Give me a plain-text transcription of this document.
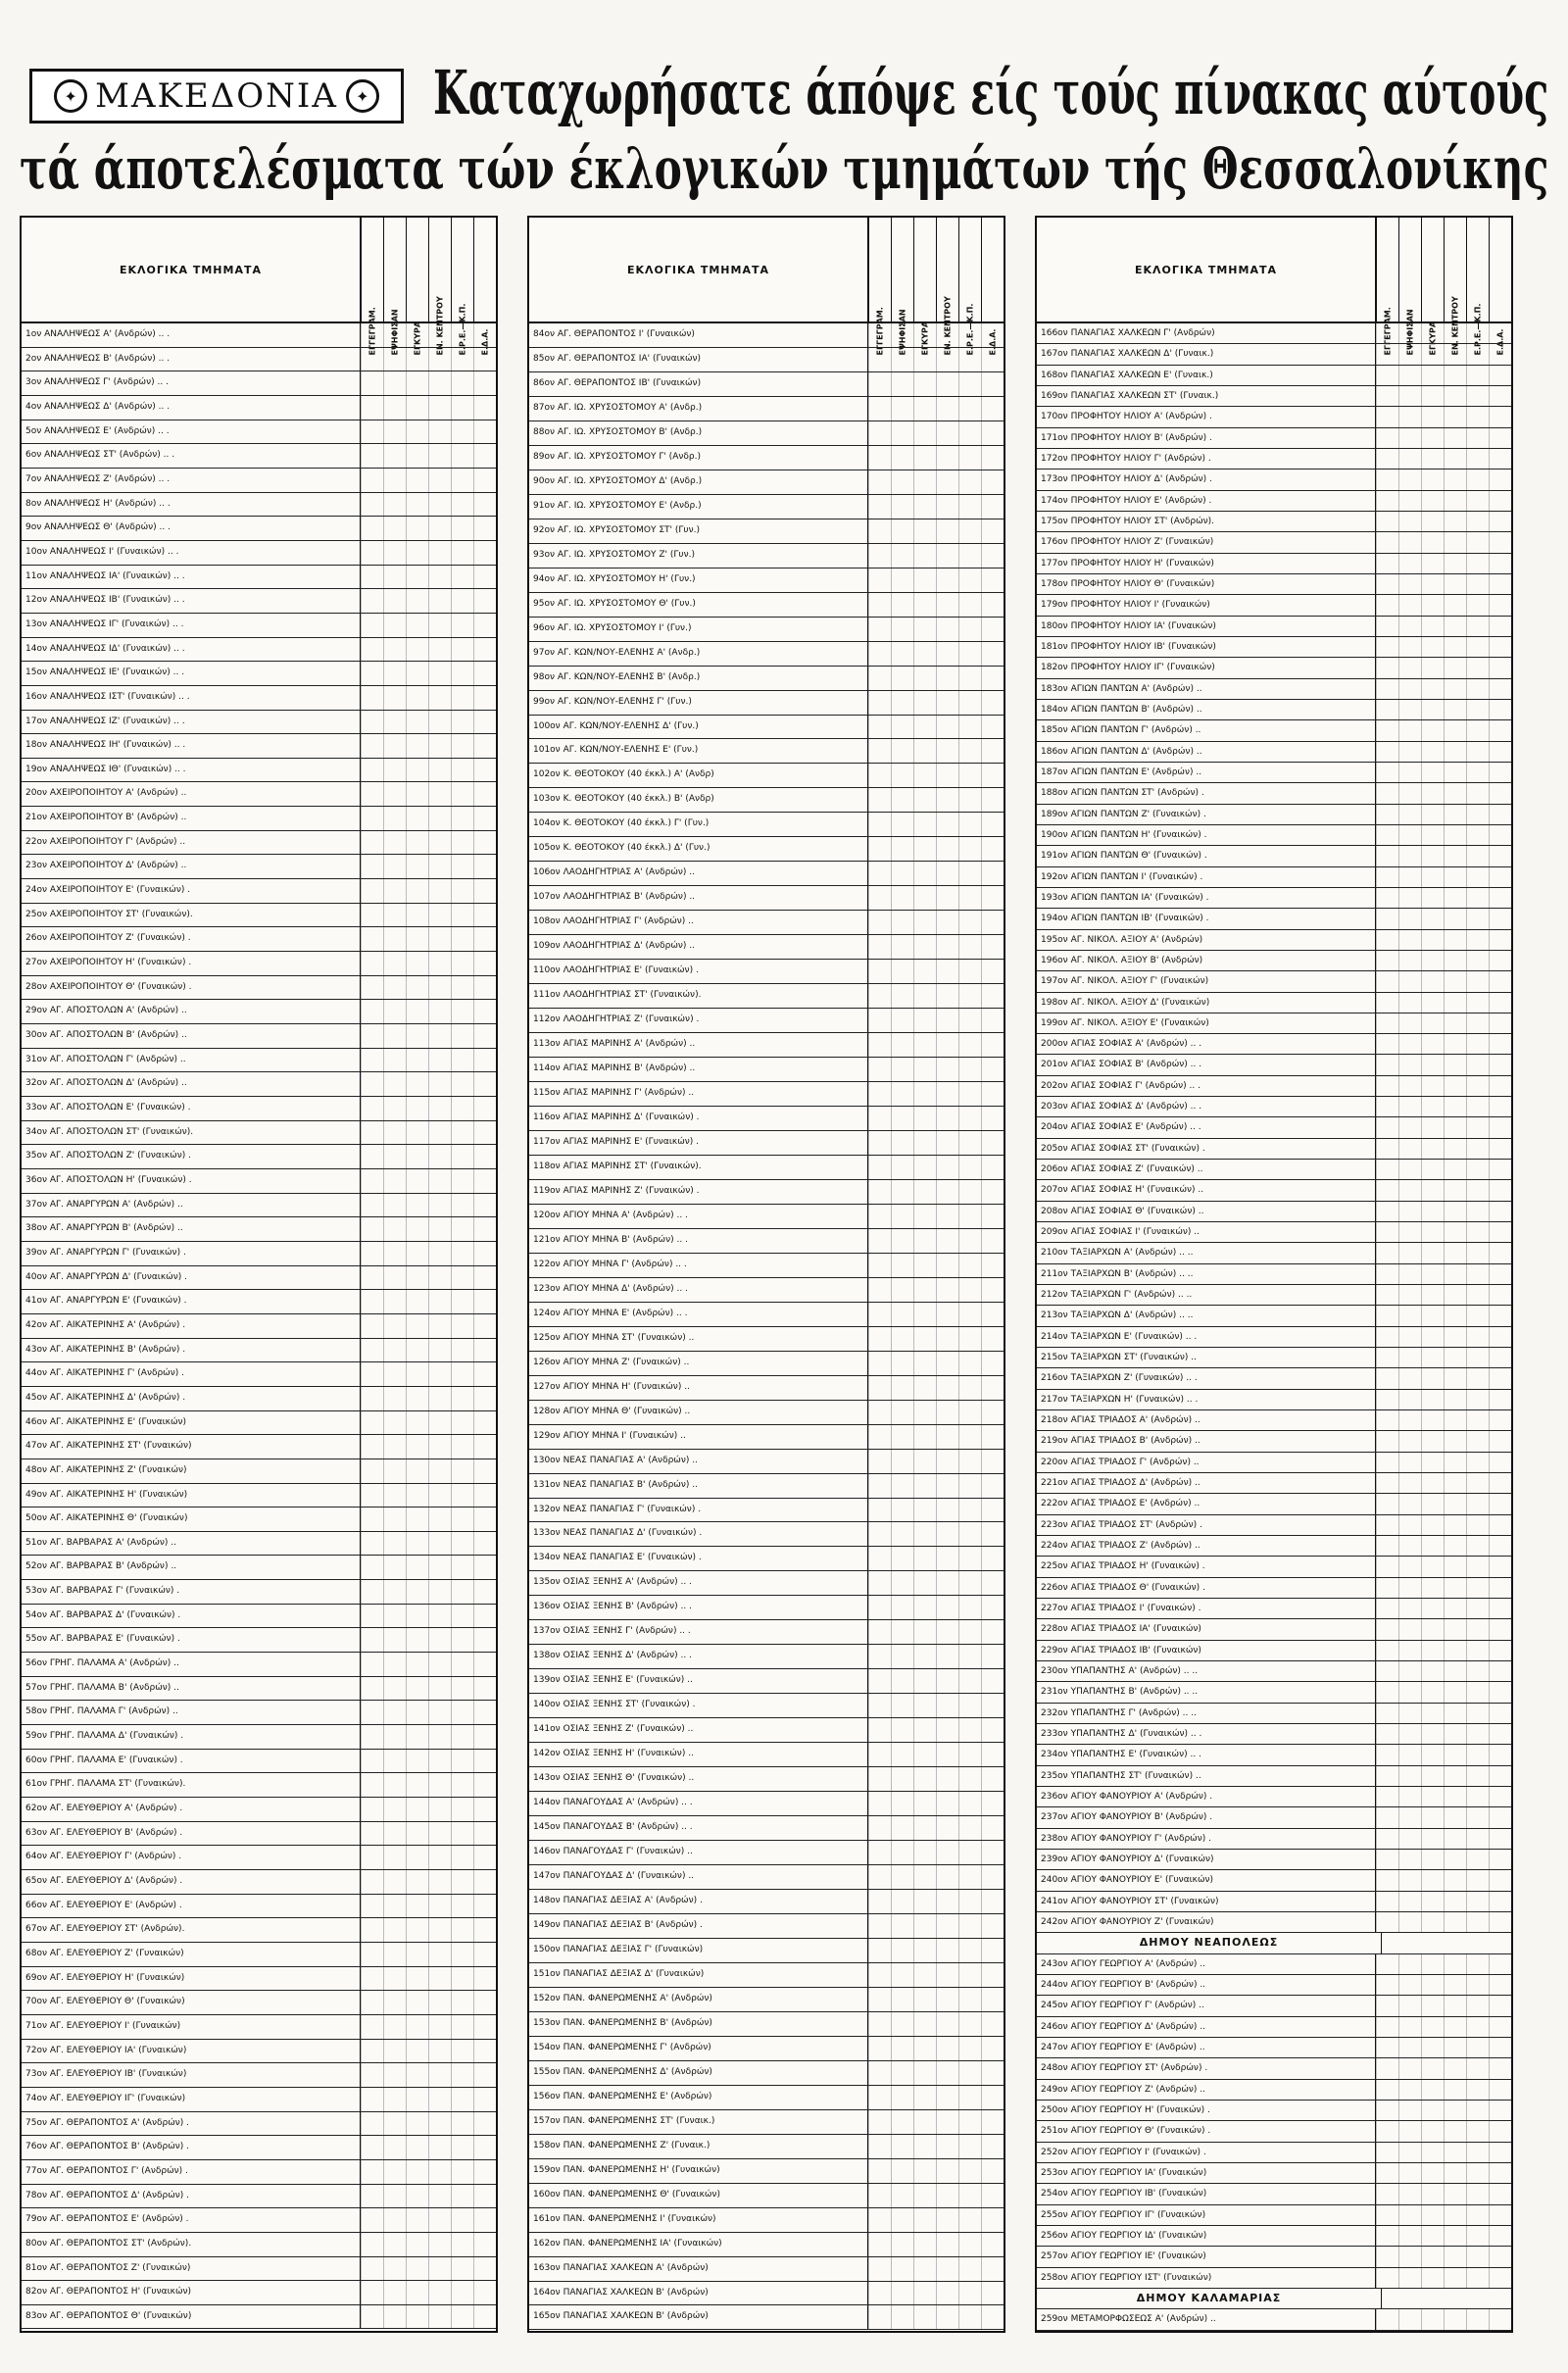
✦ ΜΑΚΕΔΟΝΙΑ	✦ Καταχωρήσατε άπόψε είς τούς πίνακας αύτούς
τά άποτελέσματα τών έκλογικών τμημάτων τής Θεσσαλονίκης
ΕΚΛΟΓΙΚΑ ΤΜΗΜΑΤΑ
ΕΓΓΕΓΡΑΜ. ΕΨΗΦΙΣΑΝ ΕΓΚΥΡΑ ΕΝ. ΚΕΝΤΡΟΥ Ε.Ρ.Ε.—Κ.Π. Ε.Δ.Α.
1ον ΑΝΑΛΗΨΕΩΣ Α' (Ανδρών) .. .
2ον ΑΝΑΛΗΨΕΩΣ Β' (Ανδρών) .. .
3ον ΑΝΑΛΗΨΕΩΣ Γ' (Ανδρών) .. .
4ον ΑΝΑΛΗΨΕΩΣ Δ' (Ανδρών) .. .
5ον ΑΝΑΛΗΨΕΩΣ Ε' (Ανδρών) .. .
6ον ΑΝΑΛΗΨΕΩΣ ΣΤ' (Ανδρών) .. .
7ον ΑΝΑΛΗΨΕΩΣ Ζ' (Ανδρών) .. .
8ον ΑΝΑΛΗΨΕΩΣ Η' (Ανδρών) .. .
9ον ΑΝΑΛΗΨΕΩΣ Θ' (Ανδρών) .. .
10ον ΑΝΑΛΗΨΕΩΣ Ι' (Γυναικών) .. .
11ον ΑΝΑΛΗΨΕΩΣ ΙΑ' (Γυναικών) .. .
12ον ΑΝΑΛΗΨΕΩΣ ΙΒ' (Γυναικών) .. .
13ον ΑΝΑΛΗΨΕΩΣ ΙΓ' (Γυναικών) .. .
14ον ΑΝΑΛΗΨΕΩΣ ΙΔ' (Γυναικών) .. .
15ον ΑΝΑΛΗΨΕΩΣ ΙΕ' (Γυναικών) .. .
16ον ΑΝΑΛΗΨΕΩΣ ΙΣΤ' (Γυναικών) .. .
17ον ΑΝΑΛΗΨΕΩΣ ΙΖ' (Γυναικών) .. .
18ον ΑΝΑΛΗΨΕΩΣ ΙΗ' (Γυναικών) .. .
19ον ΑΝΑΛΗΨΕΩΣ ΙΘ' (Γυναικών) .. .
20ον ΑΧΕΙΡΟΠΟΙΗΤΟΥ Α' (Ανδρών) ..
21ον ΑΧΕΙΡΟΠΟΙΗΤΟΥ Β' (Ανδρών) ..
22ον ΑΧΕΙΡΟΠΟΙΗΤΟΥ Γ' (Ανδρών) ..
23ον ΑΧΕΙΡΟΠΟΙΗΤΟΥ Δ' (Ανδρών) ..
24ον ΑΧΕΙΡΟΠΟΙΗΤΟΥ Ε' (Γυναικών) .
25ον ΑΧΕΙΡΟΠΟΙΗΤΟΥ ΣΤ' (Γυναικών).
26ον ΑΧΕΙΡΟΠΟΙΗΤΟΥ Ζ' (Γυναικών) .
27ον ΑΧΕΙΡΟΠΟΙΗΤΟΥ Η' (Γυναικών) .
28ον ΑΧΕΙΡΟΠΟΙΗΤΟΥ Θ' (Γυναικών) .
29ον ΑΓ. ΑΠΟΣΤΟΛΩΝ Α' (Ανδρών) ..
30ον ΑΓ. ΑΠΟΣΤΟΛΩΝ Β' (Ανδρών) ..
31ον ΑΓ. ΑΠΟΣΤΟΛΩΝ Γ' (Ανδρών) ..
32ον ΑΓ. ΑΠΟΣΤΟΛΩΝ Δ' (Ανδρών) ..
33ον ΑΓ. ΑΠΟΣΤΟΛΩΝ Ε' (Γυναικών) .
34ον ΑΓ. ΑΠΟΣΤΟΛΩΝ ΣΤ' (Γυναικών).
35ον ΑΓ. ΑΠΟΣΤΟΛΩΝ Ζ' (Γυναικών) .
36ον ΑΓ. ΑΠΟΣΤΟΛΩΝ Η' (Γυναικών) .
37ον ΑΓ. ΑΝΑΡΓΥΡΩΝ Α' (Ανδρών) ..
38ον ΑΓ. ΑΝΑΡΓΥΡΩΝ Β' (Ανδρών) ..
39ον ΑΓ. ΑΝΑΡΓΥΡΩΝ Γ' (Γυναικών) .
40ον ΑΓ. ΑΝΑΡΓΥΡΩΝ Δ' (Γυναικών) .
41ον ΑΓ. ΑΝΑΡΓΥΡΩΝ Ε' (Γυναικών) .
42ον ΑΓ. ΑΙΚΑΤΕΡΙΝΗΣ Α' (Ανδρών) .
43ον ΑΓ. ΑΙΚΑΤΕΡΙΝΗΣ Β' (Ανδρών) .
44ον ΑΓ. ΑΙΚΑΤΕΡΙΝΗΣ Γ' (Ανδρών) .
45ον ΑΓ. ΑΙΚΑΤΕΡΙΝΗΣ Δ' (Ανδρών) .
46ον ΑΓ. ΑΙΚΑΤΕΡΙΝΗΣ Ε' (Γυναικών)
47ον ΑΓ. ΑΙΚΑΤΕΡΙΝΗΣ ΣΤ' (Γυναικών)
48ον ΑΓ. ΑΙΚΑΤΕΡΙΝΗΣ Ζ' (Γυναικών)
49ον ΑΓ. ΑΙΚΑΤΕΡΙΝΗΣ Η' (Γυναικών)
50ον ΑΓ. ΑΙΚΑΤΕΡΙΝΗΣ Θ' (Γυναικών)
51ον ΑΓ. ΒΑΡΒΑΡΑΣ Α' (Ανδρών) ..
52ον ΑΓ. ΒΑΡΒΑΡΑΣ Β' (Ανδρών) ..
53ον ΑΓ. ΒΑΡΒΑΡΑΣ Γ' (Γυναικών) .
54ον ΑΓ. ΒΑΡΒΑΡΑΣ Δ' (Γυναικών) .
55ον ΑΓ. ΒΑΡΒΑΡΑΣ Ε' (Γυναικών) .
56ον ΓΡΗΓ. ΠΑΛΑΜΑ Α' (Ανδρών) ..
57ον ΓΡΗΓ. ΠΑΛΑΜΑ Β' (Ανδρών) ..
58ον ΓΡΗΓ. ΠΑΛΑΜΑ Γ' (Ανδρών) ..
59ον ΓΡΗΓ. ΠΑΛΑΜΑ Δ' (Γυναικών) .
60ον ΓΡΗΓ. ΠΑΛΑΜΑ Ε' (Γυναικών) .
61ον ΓΡΗΓ. ΠΑΛΑΜΑ ΣΤ' (Γυναικών).
62ον ΑΓ. ΕΛΕΥΘΕΡΙΟΥ Α' (Ανδρών) .
63ον ΑΓ. ΕΛΕΥΘΕΡΙΟΥ Β' (Ανδρών) .
64ον ΑΓ. ΕΛΕΥΘΕΡΙΟΥ Γ' (Ανδρών) .
65ον ΑΓ. ΕΛΕΥΘΕΡΙΟΥ Δ' (Ανδρών) .
66ον ΑΓ. ΕΛΕΥΘΕΡΙΟΥ Ε' (Ανδρών) .
67ον ΑΓ. ΕΛΕΥΘΕΡΙΟΥ ΣΤ' (Ανδρών).
68ον ΑΓ. ΕΛΕΥΘΕΡΙΟΥ Ζ' (Γυναικών)
69ον ΑΓ. ΕΛΕΥΘΕΡΙΟΥ Η' (Γυναικών)
70ον ΑΓ. ΕΛΕΥΘΕΡΙΟΥ Θ' (Γυναικών)
71ον ΑΓ. ΕΛΕΥΘΕΡΙΟΥ Ι' (Γυναικών)
72ον ΑΓ. ΕΛΕΥΘΕΡΙΟΥ ΙΑ' (Γυναικών)
73ον ΑΓ. ΕΛΕΥΘΕΡΙΟΥ ΙΒ' (Γυναικών)
74ον ΑΓ. ΕΛΕΥΘΕΡΙΟΥ ΙΓ' (Γυναικών)
75ον ΑΓ. ΘΕΡΑΠΟΝΤΟΣ Α' (Ανδρών) .
76ον ΑΓ. ΘΕΡΑΠΟΝΤΟΣ Β' (Ανδρών) .
77ον ΑΓ. ΘΕΡΑΠΟΝΤΟΣ Γ' (Ανδρών) .
78ον ΑΓ. ΘΕΡΑΠΟΝΤΟΣ Δ' (Ανδρών) .
79ον ΑΓ. ΘΕΡΑΠΟΝΤΟΣ Ε' (Ανδρών) .
80ον ΑΓ. ΘΕΡΑΠΟΝΤΟΣ ΣΤ' (Ανδρών).
81ον ΑΓ. ΘΕΡΑΠΟΝΤΟΣ Ζ' (Γυναικών)
82ον ΑΓ. ΘΕΡΑΠΟΝΤΟΣ Η' (Γυναικών)
83ον ΑΓ. ΘΕΡΑΠΟΝΤΟΣ Θ' (Γυναικών)
ΕΚΛΟΓΙΚΑ ΤΜΗΜΑΤΑ
ΕΓΓΕΓΡΑΜ. ΕΨΗΦΙΣΑΝ ΕΓΚΥΡΑ ΕΝ. ΚΕΝΤΡΟΥ Ε.Ρ.Ε.—Κ.Π. Ε.Δ.Α.
84ον ΑΓ. ΘΕΡΑΠΟΝΤΟΣ Ι' (Γυναικών)
85ον ΑΓ. ΘΕΡΑΠΟΝΤΟΣ ΙΑ' (Γυναικών)
86ον ΑΓ. ΘΕΡΑΠΟΝΤΟΣ ΙΒ' (Γυναικών)
87ον ΑΓ. ΙΩ. ΧΡΥΣΟΣΤΟΜΟΥ Α' (Ανδρ.)
88ον ΑΓ. ΙΩ. ΧΡΥΣΟΣΤΟΜΟΥ Β' (Ανδρ.)
89ον ΑΓ. ΙΩ. ΧΡΥΣΟΣΤΟΜΟΥ Γ' (Ανδρ.)
90ον ΑΓ. ΙΩ. ΧΡΥΣΟΣΤΟΜΟΥ Δ' (Ανδρ.)
91ον ΑΓ. ΙΩ. ΧΡΥΣΟΣΤΟΜΟΥ Ε' (Ανδρ.)
92ον ΑΓ. ΙΩ. ΧΡΥΣΟΣΤΟΜΟΥ ΣΤ' (Γυν.)
93ον ΑΓ. ΙΩ. ΧΡΥΣΟΣΤΟΜΟΥ Ζ' (Γυν.)
94ον ΑΓ. ΙΩ. ΧΡΥΣΟΣΤΟΜΟΥ Η' (Γυν.)
95ον ΑΓ. ΙΩ. ΧΡΥΣΟΣΤΟΜΟΥ Θ' (Γυν.)
96ον ΑΓ. ΙΩ. ΧΡΥΣΟΣΤΟΜΟΥ Ι' (Γυν.)
97ον ΑΓ. ΚΩΝ/ΝΟΥ-ΕΛΕΝΗΣ Α' (Ανδρ.)
98ον ΑΓ. ΚΩΝ/ΝΟΥ-ΕΛΕΝΗΣ Β' (Ανδρ.)
99ον ΑΓ. ΚΩΝ/ΝΟΥ-ΕΛΕΝΗΣ Γ' (Γυν.)
100ον ΑΓ. ΚΩΝ/ΝΟΥ-ΕΛΕΝΗΣ Δ' (Γυν.)
101ον ΑΓ. ΚΩΝ/ΝΟΥ-ΕΛΕΝΗΣ Ε' (Γυν.)
102ον Κ. ΘΕΟΤΟΚΟΥ (40 έκκλ.) Α' (Ανδρ)
103ον Κ. ΘΕΟΤΟΚΟΥ (40 έκκλ.) Β' (Ανδρ)
104ον Κ. ΘΕΟΤΟΚΟΥ (40 έκκλ.) Γ' (Γυν.)
105ον Κ. ΘΕΟΤΟΚΟΥ (40 έκκλ.) Δ' (Γυν.)
106ον ΛΑΟΔΗΓΗΤΡΙΑΣ Α' (Ανδρών) ..
107ον ΛΑΟΔΗΓΗΤΡΙΑΣ Β' (Ανδρών) ..
108ον ΛΑΟΔΗΓΗΤΡΙΑΣ Γ' (Ανδρών) ..
109ον ΛΑΟΔΗΓΗΤΡΙΑΣ Δ' (Ανδρών) ..
110ον ΛΑΟΔΗΓΗΤΡΙΑΣ Ε' (Γυναικών) .
111ον ΛΑΟΔΗΓΗΤΡΙΑΣ ΣΤ' (Γυναικών).
112ον ΛΑΟΔΗΓΗΤΡΙΑΣ Ζ' (Γυναικών) .
113ον ΑΓΙΑΣ ΜΑΡΙΝΗΣ Α' (Ανδρών) ..
114ον ΑΓΙΑΣ ΜΑΡΙΝΗΣ Β' (Ανδρών) ..
115ον ΑΓΙΑΣ ΜΑΡΙΝΗΣ Γ' (Ανδρών) ..
116ον ΑΓΙΑΣ ΜΑΡΙΝΗΣ Δ' (Γυναικών) .
117ον ΑΓΙΑΣ ΜΑΡΙΝΗΣ Ε' (Γυναικών) .
118ον ΑΓΙΑΣ ΜΑΡΙΝΗΣ ΣΤ' (Γυναικών).
119ον ΑΓΙΑΣ ΜΑΡΙΝΗΣ Ζ' (Γυναικών) .
120ον ΑΓΙΟΥ ΜΗΝΑ Α' (Ανδρών) .. .
121ον ΑΓΙΟΥ ΜΗΝΑ Β' (Ανδρών) .. .
122ον ΑΓΙΟΥ ΜΗΝΑ Γ' (Ανδρών) .. .
123ον ΑΓΙΟΥ ΜΗΝΑ Δ' (Ανδρών) .. .
124ον ΑΓΙΟΥ ΜΗΝΑ Ε' (Ανδρών) .. .
125ον ΑΓΙΟΥ ΜΗΝΑ ΣΤ' (Γυναικών) ..
126ον ΑΓΙΟΥ ΜΗΝΑ Ζ' (Γυναικών) ..
127ον ΑΓΙΟΥ ΜΗΝΑ Η' (Γυναικών) ..
128ον ΑΓΙΟΥ ΜΗΝΑ Θ' (Γυναικών) ..
129ον ΑΓΙΟΥ ΜΗΝΑ Ι' (Γυναικών) ..
130ον ΝΕΑΣ ΠΑΝΑΓΙΑΣ Α' (Ανδρών) ..
131ον ΝΕΑΣ ΠΑΝΑΓΙΑΣ Β' (Ανδρών) ..
132ον ΝΕΑΣ ΠΑΝΑΓΙΑΣ Γ' (Γυναικών) .
133ον ΝΕΑΣ ΠΑΝΑΓΙΑΣ Δ' (Γυναικών) .
134ον ΝΕΑΣ ΠΑΝΑΓΙΑΣ Ε' (Γυναικών) .
135ον ΟΣΙΑΣ ΞΕΝΗΣ Α' (Ανδρών) .. .
136ον ΟΣΙΑΣ ΞΕΝΗΣ Β' (Ανδρών) .. .
137ον ΟΣΙΑΣ ΞΕΝΗΣ Γ' (Ανδρών) .. .
138ον ΟΣΙΑΣ ΞΕΝΗΣ Δ' (Ανδρών) .. .
139ον ΟΣΙΑΣ ΞΕΝΗΣ Ε' (Γυναικών) ..
140ον ΟΣΙΑΣ ΞΕΝΗΣ ΣΤ' (Γυναικών) .
141ον ΟΣΙΑΣ ΞΕΝΗΣ Ζ' (Γυναικών) ..
142ον ΟΣΙΑΣ ΞΕΝΗΣ Η' (Γυναικών) ..
143ον ΟΣΙΑΣ ΞΕΝΗΣ Θ' (Γυναικών) ..
144ον ΠΑΝΑΓΟΥΔΑΣ Α' (Ανδρών) .. .
145ον ΠΑΝΑΓΟΥΔΑΣ Β' (Ανδρών) .. .
146ον ΠΑΝΑΓΟΥΔΑΣ Γ' (Γυναικών) ..
147ον ΠΑΝΑΓΟΥΔΑΣ Δ' (Γυναικών) ..
148ον ΠΑΝΑΓΙΑΣ ΔΕΞΙΑΣ Α' (Ανδρών) .
149ον ΠΑΝΑΓΙΑΣ ΔΕΞΙΑΣ Β' (Ανδρών) .
150ον ΠΑΝΑΓΙΑΣ ΔΕΞΙΑΣ Γ' (Γυναικών)
151ον ΠΑΝΑΓΙΑΣ ΔΕΞΙΑΣ Δ' (Γυναικών)
152ον ΠΑΝ. ΦΑΝΕΡΩΜΕΝΗΣ Α' (Ανδρών)
153ον ΠΑΝ. ΦΑΝΕΡΩΜΕΝΗΣ Β' (Ανδρών)
154ον ΠΑΝ. ΦΑΝΕΡΩΜΕΝΗΣ Γ' (Ανδρών)
155ον ΠΑΝ. ΦΑΝΕΡΩΜΕΝΗΣ Δ' (Ανδρών)
156ον ΠΑΝ. ΦΑΝΕΡΩΜΕΝΗΣ Ε' (Ανδρών)
157ον ΠΑΝ. ΦΑΝΕΡΩΜΕΝΗΣ ΣΤ' (Γυναικ.)
158ον ΠΑΝ. ΦΑΝΕΡΩΜΕΝΗΣ Ζ' (Γυναικ.)
159ον ΠΑΝ. ΦΑΝΕΡΩΜΕΝΗΣ Η' (Γυναικών)
160ον ΠΑΝ. ΦΑΝΕΡΩΜΕΝΗΣ Θ' (Γυναικών)
161ον ΠΑΝ. ΦΑΝΕΡΩΜΕΝΗΣ Ι' (Γυναικών)
162ον ΠΑΝ. ΦΑΝΕΡΩΜΕΝΗΣ ΙΑ' (Γυναικών)
163ον ΠΑΝΑΓΙΑΣ ΧΑΛΚΕΩΝ Α' (Ανδρών)
164ον ΠΑΝΑΓΙΑΣ ΧΑΛΚΕΩΝ Β' (Ανδρών)
165ον ΠΑΝΑΓΙΑΣ ΧΑΛΚΕΩΝ Β' (Ανδρών)
ΕΚΛΟΓΙΚΑ ΤΜΗΜΑΤΑ
ΕΓΓΕΓΡΑΜ. ΕΨΗΦΙΣΑΝ ΕΓΚΥΡΑ ΕΝ. ΚΕΝΤΡΟΥ Ε.Ρ.Ε.—Κ.Π. Ε.Δ.Α.
166ον ΠΑΝΑΓΙΑΣ ΧΑΛΚΕΩΝ Γ' (Ανδρών)
167ον ΠΑΝΑΓΙΑΣ ΧΑΛΚΕΩΝ Δ' (Γυναικ.)
168ον ΠΑΝΑΓΙΑΣ ΧΑΛΚΕΩΝ Ε' (Γυναικ.)
169ον ΠΑΝΑΓΙΑΣ ΧΑΛΚΕΩΝ ΣΤ' (Γυναικ.)
170ον ΠΡΟΦΗΤΟΥ ΗΛΙΟΥ Α' (Ανδρών) .
171ον ΠΡΟΦΗΤΟΥ ΗΛΙΟΥ Β' (Ανδρών) .
172ον ΠΡΟΦΗΤΟΥ ΗΛΙΟΥ Γ' (Ανδρών) .
173ον ΠΡΟΦΗΤΟΥ ΗΛΙΟΥ Δ' (Ανδρών) .
174ον ΠΡΟΦΗΤΟΥ ΗΛΙΟΥ Ε' (Ανδρών) .
175ον ΠΡΟΦΗΤΟΥ ΗΛΙΟΥ ΣΤ' (Ανδρών).
176ον ΠΡΟΦΗΤΟΥ ΗΛΙΟΥ Ζ' (Γυναικών)
177ον ΠΡΟΦΗΤΟΥ ΗΛΙΟΥ Η' (Γυναικών)
178ον ΠΡΟΦΗΤΟΥ ΗΛΙΟΥ Θ' (Γυναικών)
179ον ΠΡΟΦΗΤΟΥ ΗΛΙΟΥ Ι' (Γυναικών)
180ον ΠΡΟΦΗΤΟΥ ΗΛΙΟΥ ΙΑ' (Γυναικών)
181ον ΠΡΟΦΗΤΟΥ ΗΛΙΟΥ ΙΒ' (Γυναικών)
182ον ΠΡΟΦΗΤΟΥ ΗΛΙΟΥ ΙΓ' (Γυναικών)
183ον ΑΓΙΩΝ ΠΑΝΤΩΝ Α' (Ανδρών) ..
184ον ΑΓΙΩΝ ΠΑΝΤΩΝ Β' (Ανδρών) ..
185ον ΑΓΙΩΝ ΠΑΝΤΩΝ Γ' (Ανδρών) ..
186ον ΑΓΙΩΝ ΠΑΝΤΩΝ Δ' (Ανδρών) ..
187ον ΑΓΙΩΝ ΠΑΝΤΩΝ Ε' (Ανδρών) ..
188ον ΑΓΙΩΝ ΠΑΝΤΩΝ ΣΤ' (Ανδρών) .
189ον ΑΓΙΩΝ ΠΑΝΤΩΝ Ζ' (Γυναικών) .
190ον ΑΓΙΩΝ ΠΑΝΤΩΝ Η' (Γυναικών) .
191ον ΑΓΙΩΝ ΠΑΝΤΩΝ Θ' (Γυναικών) .
192ον ΑΓΙΩΝ ΠΑΝΤΩΝ Ι' (Γυναικών) .
193ον ΑΓΙΩΝ ΠΑΝΤΩΝ ΙΑ' (Γυναικών) .
194ον ΑΓΙΩΝ ΠΑΝΤΩΝ ΙΒ' (Γυναικών) .
195ον ΑΓ. ΝΙΚΟΛ. ΑΞΙΟΥ Α' (Ανδρών)
196ον ΑΓ. ΝΙΚΟΛ. ΑΞΙΟΥ Β' (Ανδρών)
197ον ΑΓ. ΝΙΚΟΛ. ΑΞΙΟΥ Γ' (Γυναικών)
198ον ΑΓ. ΝΙΚΟΛ. ΑΞΙΟΥ Δ' (Γυναικών)
199ον ΑΓ. ΝΙΚΟΛ. ΑΞΙΟΥ Ε' (Γυναικών)
200ον ΑΓΙΑΣ ΣΟΦΙΑΣ Α' (Ανδρών) .. .
201ον ΑΓΙΑΣ ΣΟΦΙΑΣ Β' (Ανδρών) .. .
202ον ΑΓΙΑΣ ΣΟΦΙΑΣ Γ' (Ανδρών) .. .
203ον ΑΓΙΑΣ ΣΟΦΙΑΣ Δ' (Ανδρών) .. .
204ον ΑΓΙΑΣ ΣΟΦΙΑΣ Ε' (Ανδρών) .. .
205ον ΑΓΙΑΣ ΣΟΦΙΑΣ ΣΤ' (Γυναικών) .
206ον ΑΓΙΑΣ ΣΟΦΙΑΣ Ζ' (Γυναικών) ..
207ον ΑΓΙΑΣ ΣΟΦΙΑΣ Η' (Γυναικών) ..
208ον ΑΓΙΑΣ ΣΟΦΙΑΣ Θ' (Γυναικών) ..
209ον ΑΓΙΑΣ ΣΟΦΙΑΣ Ι' (Γυναικών) ..
210ον ΤΑΞΙΑΡΧΩΝ Α' (Ανδρών) .. ..
211ον ΤΑΞΙΑΡΧΩΝ Β' (Ανδρών) .. ..
212ον ΤΑΞΙΑΡΧΩΝ Γ' (Ανδρών) .. ..
213ον ΤΑΞΙΑΡΧΩΝ Δ' (Ανδρών) .. ..
214ον ΤΑΞΙΑΡΧΩΝ Ε' (Γυναικών) .. .
215ον ΤΑΞΙΑΡΧΩΝ ΣΤ' (Γυναικών) ..
216ον ΤΑΞΙΑΡΧΩΝ Ζ' (Γυναικών) .. .
217ον ΤΑΞΙΑΡΧΩΝ Η' (Γυναικών) .. .
218ον ΑΓΙΑΣ ΤΡΙΑΔΟΣ Α' (Ανδρών) ..
219ον ΑΓΙΑΣ ΤΡΙΑΔΟΣ Β' (Ανδρών) ..
220ον ΑΓΙΑΣ ΤΡΙΑΔΟΣ Γ' (Ανδρών) ..
221ον ΑΓΙΑΣ ΤΡΙΑΔΟΣ Δ' (Ανδρών) ..
222ον ΑΓΙΑΣ ΤΡΙΑΔΟΣ Ε' (Ανδρών) ..
223ον ΑΓΙΑΣ ΤΡΙΑΔΟΣ ΣΤ' (Ανδρών) .
224ον ΑΓΙΑΣ ΤΡΙΑΔΟΣ Ζ' (Ανδρών) ..
225ον ΑΓΙΑΣ ΤΡΙΑΔΟΣ Η' (Γυναικών) .
226ον ΑΓΙΑΣ ΤΡΙΑΔΟΣ Θ' (Γυναικών) .
227ον ΑΓΙΑΣ ΤΡΙΑΔΟΣ Ι' (Γυναικών) .
228ον ΑΓΙΑΣ ΤΡΙΑΔΟΣ ΙΑ' (Γυναικών)
229ον ΑΓΙΑΣ ΤΡΙΑΔΟΣ ΙΒ' (Γυναικών)
230ον ΥΠΑΠΑΝΤΗΣ Α' (Ανδρών) .. ..
231ον ΥΠΑΠΑΝΤΗΣ Β' (Ανδρών) .. ..
232ον ΥΠΑΠΑΝΤΗΣ Γ' (Ανδρών) .. ..
233ον ΥΠΑΠΑΝΤΗΣ Δ' (Γυναικών) .. .
234ον ΥΠΑΠΑΝΤΗΣ Ε' (Γυναικών) .. .
235ον ΥΠΑΠΑΝΤΗΣ ΣΤ' (Γυναικών) ..
236ον ΑΓΙΟΥ ΦΑΝΟΥΡΙΟΥ Α' (Ανδρών) .
237ον ΑΓΙΟΥ ΦΑΝΟΥΡΙΟΥ Β' (Ανδρών) .
238ον ΑΓΙΟΥ ΦΑΝΟΥΡΙΟΥ Γ' (Ανδρών) .
239ον ΑΓΙΟΥ ΦΑΝΟΥΡΙΟΥ Δ' (Γυναικών)
240ον ΑΓΙΟΥ ΦΑΝΟΥΡΙΟΥ Ε' (Γυναικών)
241ον ΑΓΙΟΥ ΦΑΝΟΥΡΙΟΥ ΣΤ' (Γυναικών)
242ον ΑΓΙΟΥ ΦΑΝΟΥΡΙΟΥ Ζ' (Γυναικών)
ΔΗΜΟΥ ΝΕΑΠΟΛΕΩΣ
243ον ΑΓΙΟΥ ΓΕΩΡΓΙΟΥ Α' (Ανδρών) ..
244ον ΑΓΙΟΥ ΓΕΩΡΓΙΟΥ Β' (Ανδρών) ..
245ον ΑΓΙΟΥ ΓΕΩΡΓΙΟΥ Γ' (Ανδρών) ..
246ον ΑΓΙΟΥ ΓΕΩΡΓΙΟΥ Δ' (Ανδρών) ..
247ον ΑΓΙΟΥ ΓΕΩΡΓΙΟΥ Ε' (Ανδρών) ..
248ον ΑΓΙΟΥ ΓΕΩΡΓΙΟΥ ΣΤ' (Ανδρών) .
249ον ΑΓΙΟΥ ΓΕΩΡΓΙΟΥ Ζ' (Ανδρών) ..
250ον ΑΓΙΟΥ ΓΕΩΡΓΙΟΥ Η' (Γυναικών) .
251ον ΑΓΙΟΥ ΓΕΩΡΓΙΟΥ Θ' (Γυναικών) .
252ον ΑΓΙΟΥ ΓΕΩΡΓΙΟΥ Ι' (Γυναικών) .
253ον ΑΓΙΟΥ ΓΕΩΡΓΙΟΥ ΙΑ' (Γυναικών)
254ον ΑΓΙΟΥ ΓΕΩΡΓΙΟΥ ΙΒ' (Γυναικών)
255ον ΑΓΙΟΥ ΓΕΩΡΓΙΟΥ ΙΓ' (Γυναικών)
256ον ΑΓΙΟΥ ΓΕΩΡΓΙΟΥ ΙΔ' (Γυναικών)
257ον ΑΓΙΟΥ ΓΕΩΡΓΙΟΥ ΙΕ' (Γυναικών)
258ον ΑΓΙΟΥ ΓΕΩΡΓΙΟΥ ΙΣΤ' (Γυναικών)
ΔΗΜΟΥ ΚΑΛΑΜΑΡΙΑΣ
259ον ΜΕΤΑΜΟΡΦΩΣΕΩΣ Α' (Ανδρών) ..
